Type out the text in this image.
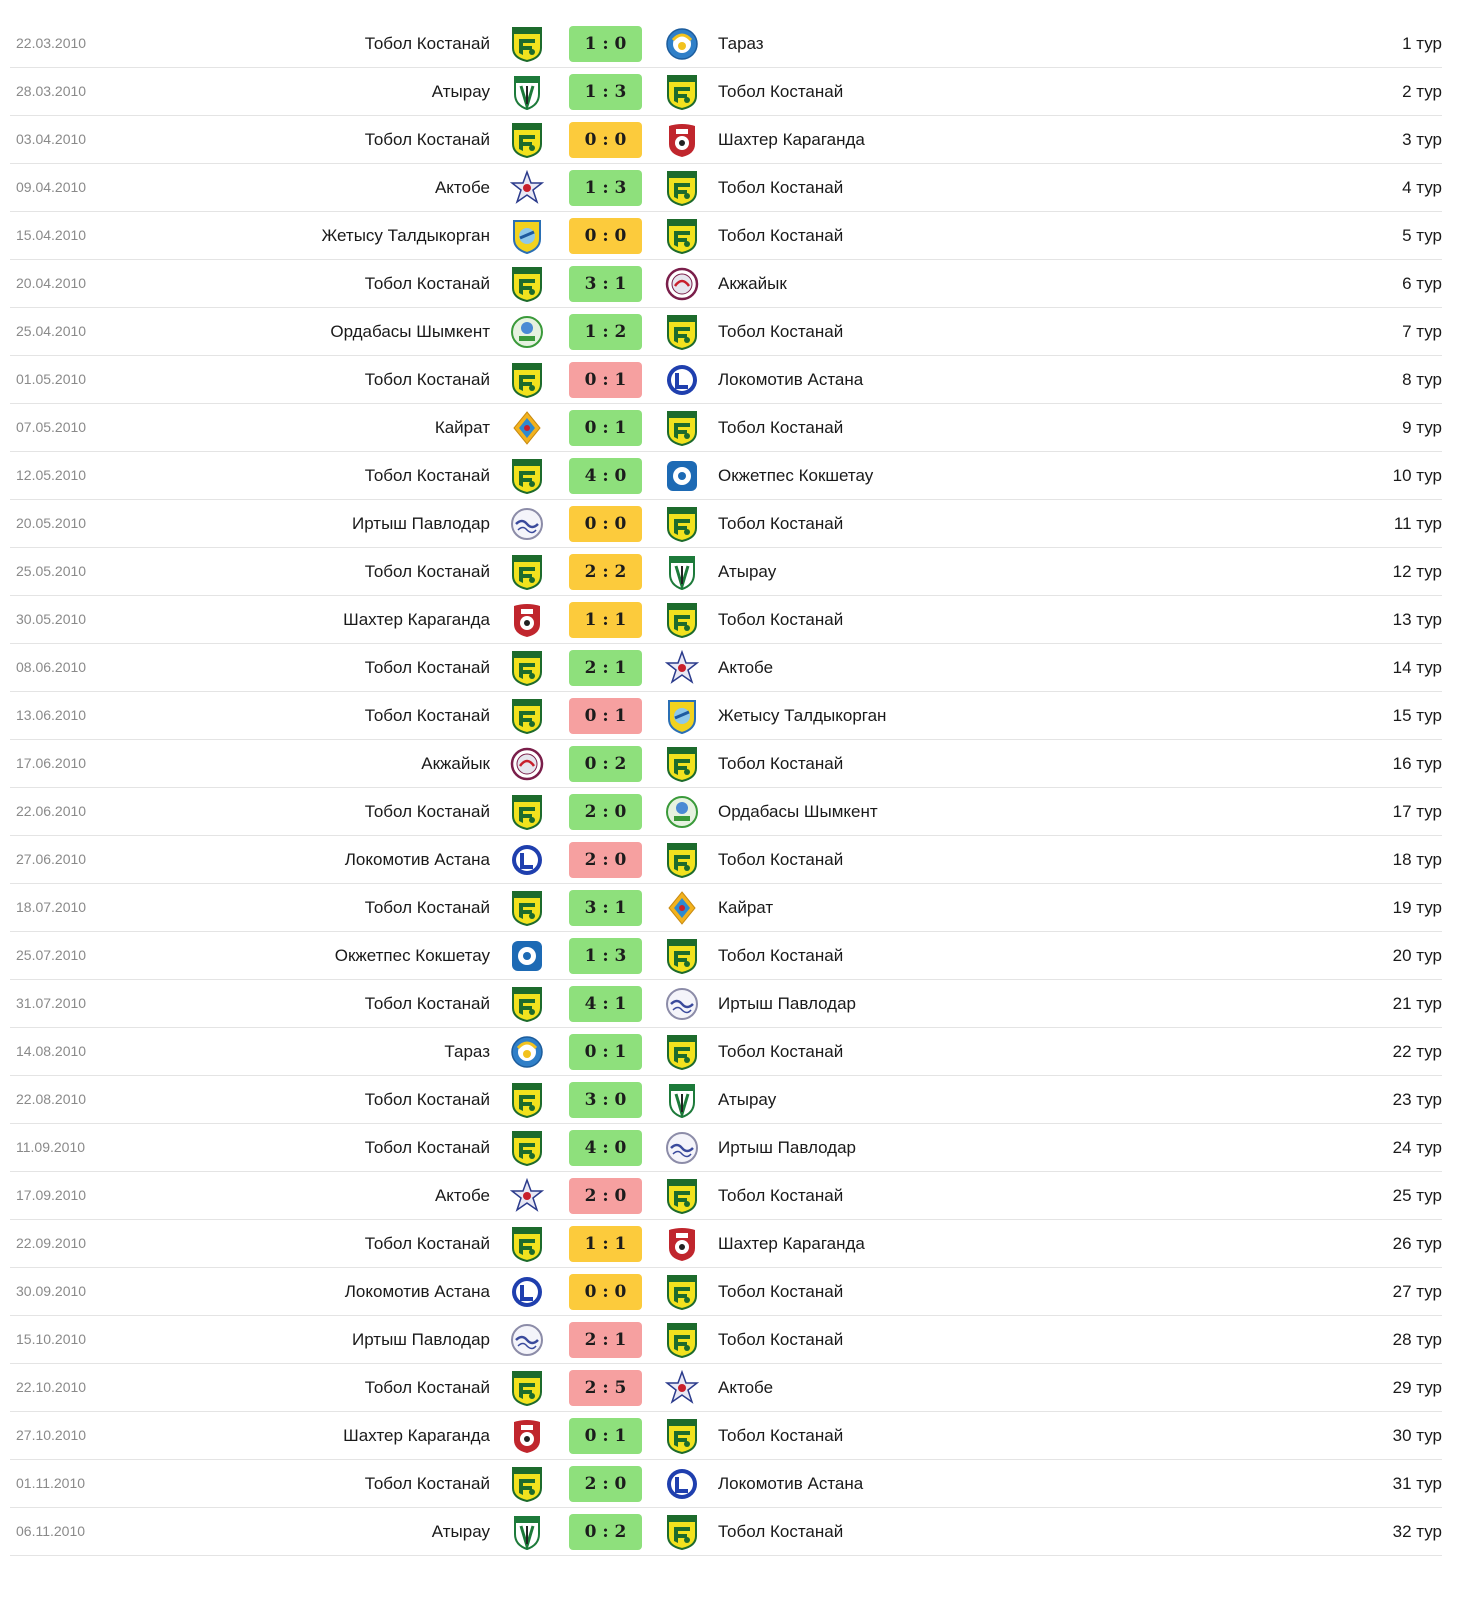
22.03.2010	Тобол Костанай	1 : 0	Тараз	1 тур
28.03.2010	Атырау	1 : 3	Тобол Костанай	2 тур
03.04.2010	Тобол Костанай	0 : 0	Шахтер Караганда	3 тур
09.04.2010	Актобе	1 : 3	Тобол Костанай	4 тур
15.04.2010	Жетысу Талдыкорган	0 : 0	Тобол Костанай	5 тур
20.04.2010	Тобол Костанай	3 : 1	Акжайык	6 тур
25.04.2010	Ордабасы Шымкент	1 : 2	Тобол Костанай	7 тур
01.05.2010	Тобол Костанай	0 : 1	Локомотив Астана	8 тур
07.05.2010	Кайрат	0 : 1	Тобол Костанай	9 тур
12.05.2010	Тобол Костанай	4 : 0	Окжетпес Кокшетау	10 тур
20.05.2010	Иртыш Павлодар	0 : 0	Тобол Костанай	11 тур
25.05.2010	Тобол Костанай	2 : 2	Атырау	12 тур
30.05.2010	Шахтер Караганда	1 : 1	Тобол Костанай	13 тур
08.06.2010	Тобол Костанай	2 : 1	Актобе	14 тур
13.06.2010	Тобол Костанай	0 : 1	Жетысу Талдыкорган	15 тур
17.06.2010	Акжайык	0 : 2	Тобол Костанай	16 тур
22.06.2010	Тобол Костанай	2 : 0	Ордабасы Шымкент	17 тур
27.06.2010	Локомотив Астана	2 : 0	Тобол Костанай	18 тур
18.07.2010	Тобол Костанай	3 : 1	Кайрат	19 тур
25.07.2010	Окжетпес Кокшетау	1 : 3	Тобол Костанай	20 тур
31.07.2010	Тобол Костанай	4 : 1	Иртыш Павлодар	21 тур
14.08.2010	Тараз	0 : 1	Тобол Костанай	22 тур
22.08.2010	Тобол Костанай	3 : 0	Атырау	23 тур
11.09.2010	Тобол Костанай	4 : 0	Иртыш Павлодар	24 тур
17.09.2010	Актобе	2 : 0	Тобол Костанай	25 тур
22.09.2010	Тобол Костанай	1 : 1	Шахтер Караганда	26 тур
30.09.2010	Локомотив Астана	0 : 0	Тобол Костанай	27 тур
15.10.2010	Иртыш Павлодар	2 : 1	Тобол Костанай	28 тур
22.10.2010	Тобол Костанай	2 : 5	Актобе	29 тур
27.10.2010	Шахтер Караганда	0 : 1	Тобол Костанай	30 тур
01.11.2010	Тобол Костанай	2 : 0	Локомотив Астана	31 тур
06.11.2010	Атырау	0 : 2	Тобол Костанай	32 тур
